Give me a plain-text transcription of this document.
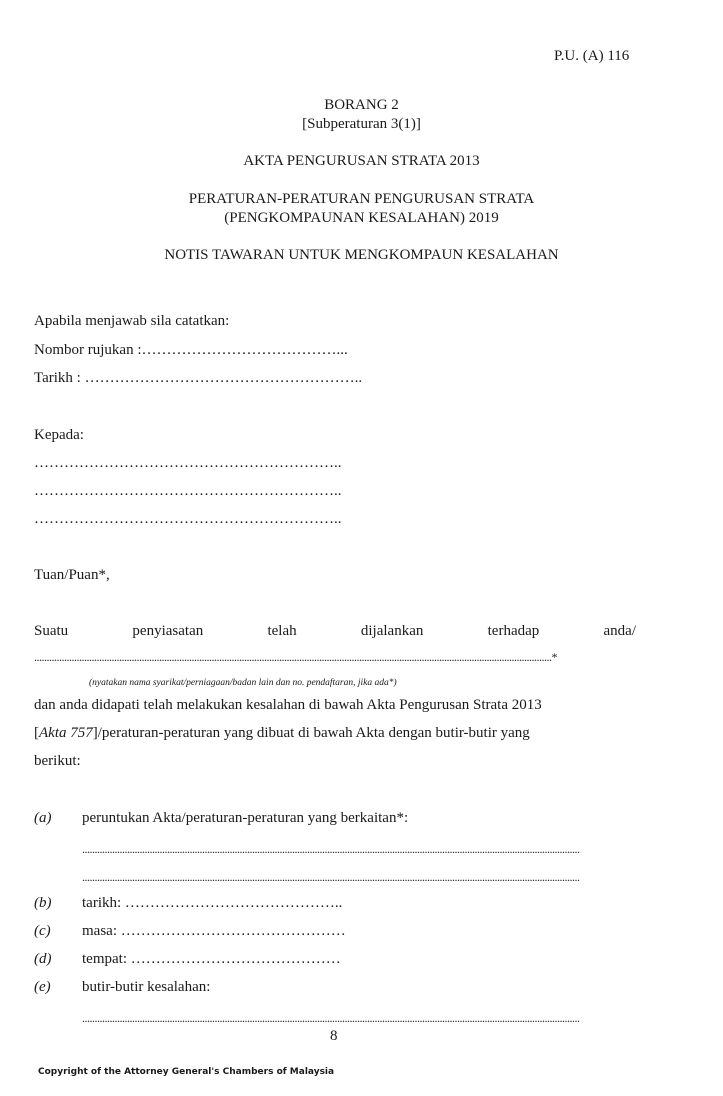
P.U. (A) 116
BORANG 2
[Subperaturan 3(1)]
AKTA PENGURUSAN STRATA 2013
PERATURAN-PERATURAN PENGURUSAN STRATA
(PENGKOMPAUNAN KESALAHAN) 2019
NOTIS TAWARAN UNTUK MENGKOMPAUN KESALAHAN
Apabila menjawab sila catatkan:
Nombor rujukan :…………………………………...
Tarikh : ………………………………………………..
Kepada:
……………………………………………………..
……………………………………………………..
……………………………………………………..
Tuan/Puan*,
Suatu	penyiasatan	telah	dijalankan	terhadap	anda/
...............................................................................................................................................................................................................*
(nyatakan nama syarikat/perniagaan/badan lain dan no. pendaftaran, jika ada*)
dan anda didapati telah melakukan kesalahan di bawah Akta Pengurusan Strata 2013
[Akta 757]/peraturan-peraturan yang dibuat di bawah Akta dengan butir-butir yang
berikut:
(a) peruntukan Akta/peraturan-peraturan yang berkaitan*:
.......................................................................................................................................................................................................
.......................................................................................................................................................................................................
(b) tarikh: ……………………………………..
(c) masa: ………………………………………
(d) tempat: ……………………………………
(e) butir-butir kesalahan:
.......................................................................................................................................................................................................
8
Copyright of the Attorney General's Chambers of Malaysia
